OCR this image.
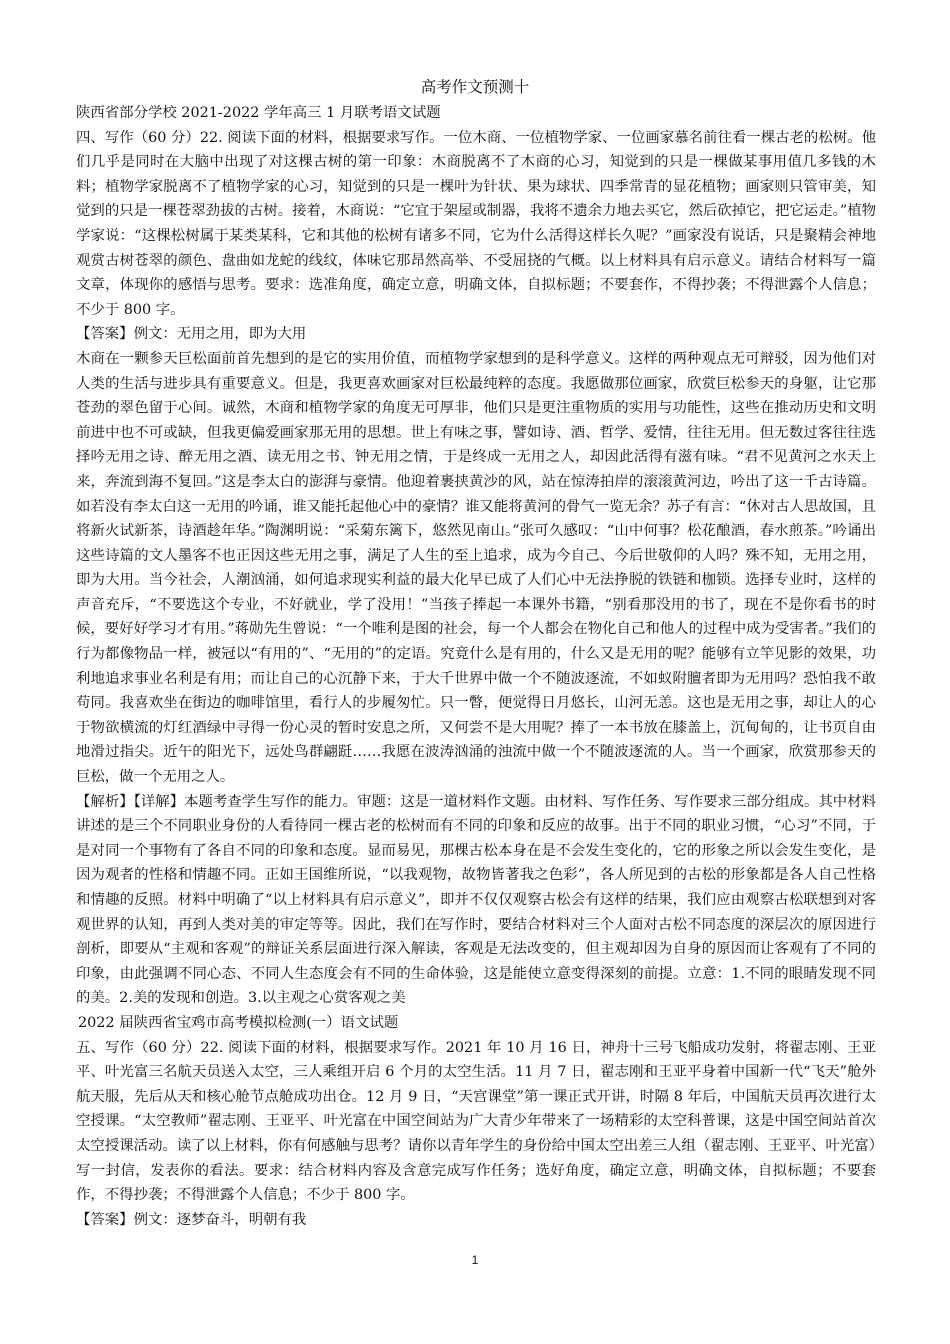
高考作文预测十

陕西省部分学校 2021-2022 学年高三 1 月联考语文试题

四、写作（60 分）22. 阅读下面的材料，根据要求写作。一位木商、一位植物学家、一位画家慕名前往看一棵古老的松树。他们几乎是同时在大脑中出现了对这棵古树的第一印象：木商脱离不了木商的心习，知觉到的只是一棵做某事用值几多钱的木料；植物学家脱离不了植物学家的心习，知觉到的只是一棵叶为针状、果为球状、四季常青的显花植物；画家则只管审美，知觉到的只是一棵苍翠劲拔的古树。接着，木商说：“它宜于架屋或制器，我将不遗余力地去买它，然后砍掉它，把它运走。”植物学家说：“这棵松树属于某类某科，它和其他的松树有诸多不同，它为什么活得这样长久呢？”画家没有说话，只是聚精会神地观赏古树苍翠的颜色、盘曲如龙蛇的线纹，体味它那昂然高举、不受屈挠的气概。以上材料具有启示意义。请结合材料写一篇文章，体现你的感悟与思考。要求：选准角度，确定立意，明确文体，自拟标题；不要套作，不得抄袭；不得泄露个人信息；不少于 800 字。

【答案】例文：无用之用，即为大用

木商在一颗参天巨松面前首先想到的是它的实用价值，而植物学家想到的是科学意义。这样的两种观点无可辩驳，因为他们对人类的生活与进步具有重要意义。但是，我更喜欢画家对巨松最纯粹的态度。我愿做那位画家，欣赏巨松参天的身躯，让它那苍劲的翠色留于心间。诚然，木商和植物学家的角度无可厚非，他们只是更注重物质的实用与功能性，这些在推动历史和文明前进中也不可或缺，但我更偏爱画家那无用的思想。世上有味之事，譬如诗、酒、哲学、爱情，往往无用。但无数过客往往选择吟无用之诗、醉无用之酒、读无用之书、钟无用之情，于是终成一无用之人，却因此活得有滋有味。“君不见黄河之水天上来，奔流到海不复回。”这是李太白的澎湃与豪情。他迎着裹挟黄沙的风，站在惊涛拍岸的滚滚黄河边，吟出了这一千古诗篇。如若没有李太白这一无用的吟诵，谁又能托起他心中的豪情？谁又能将黄河的骨气一览无余？苏子有言：“休对古人思故国，且将新火试新茶，诗酒趁年华。”陶渊明说：“采菊东篱下，悠然见南山。”张可久感叹：“山中何事？松花酿酒，春水煎茶。”吟诵出这些诗篇的文人墨客不也正因这些无用之事，满足了人生的至上追求，成为今自己、今后世敬仰的人吗？殊不知，无用之用，即为大用。当今社会，人潮汹涌，如何追求现实利益的最大化早已成了人们心中无法挣脱的铁链和枷锁。选择专业时，这样的声音充斥，“不要选这个专业，不好就业，学了没用！”当孩子捧起一本课外书籍，“别看那没用的书了，现在不是你看书的时候，要好好学习才有用。”蒋勋先生曾说：“一个唯利是图的社会，每一个人都会在物化自己和他人的过程中成为受害者。”我们的行为都像物品一样，被冠以“有用的”、“无用的”的定语。究竟什么是有用的，什么又是无用的呢？能够有立竿见影的效果，功利地追求事业名利是有用；而让自己的心沉静下来，于大千世界中做一个不随波逐流，不如蚁附膻者即为无用吗？恐怕我不敢苟同。我喜欢坐在街边的咖啡馆里，看行人的步履匆忙。只一瞥，便觉得日月悠长，山河无恙。这也是无用之事，却让人的心于物欲横流的灯红酒绿中寻得一份心灵的暂时安息之所，又何尝不是大用呢？捧了一本书放在膝盖上，沉甸甸的，让书页自由地滑过指尖。近午的阳光下，远处鸟群翩跹……我愿在波涛汹涌的浊流中做一个不随波逐流的人。当一个画家，欣赏那参天的巨松，做一个无用之人。

【解析】【详解】本题考查学生写作的能力。审题：这是一道材料作文题。由材料、写作任务、写作要求三部分组成。其中材料讲述的是三个不同职业身份的人看待同一棵古老的松树而有不同的印象和反应的故事。出于不同的职业习惯，“心习”不同，于是对同一个事物有了各自不同的印象和态度。显而易见，那棵古松本身在是不会发生变化的，它的形象之所以会发生变化，是因为观者的性格和情趣不同。正如王国维所说，“以我观物，故物皆著我之色彩”，各人所见到的古松的形象都是各人自己性格和情趣的反照。材料中明确了“以上材料具有启示意义”，即并不仅仅观察古松会有这样的结果，我们应由观察古松联想到对客观世界的认知，再到人类对美的审定等等。因此，我们在写作时，要结合材料对三个人面对古松不同态度的深层次的原因进行剖析，即要从“主观和客观”的辩证关系层面进行深入解读，客观是无法改变的，但主观却因为自身的原因而让客观有了不同的印象，由此强调不同心态、不同人生态度会有不同的生命体验，这是能使立意变得深刻的前提。立意：1.不同的眼睛发现不同的美。2.美的发现和创造。3.以主观之心赏客观之美

2022 届陕西省宝鸡市高考模拟检测(一）语文试题

五、写作（60 分）22. 阅读下面的材料，根据要求写作。2021 年 10 月 16 日，神舟十三号飞船成功发射，将翟志刚、王亚平、叶光富三名航天员送入太空，三人乘组开启 6 个月的太空生活。11 月 7 日，翟志刚和王亚平身着中国新一代“飞天”舱外航天服，先后从天和核心舱节点舱成功出仓。12 月 9 日，“天宫课堂”第一课正式开讲，时隔 8 年后，中国航天员再次进行太空授课。“太空教师”翟志刚、王亚平、叶光富在中国空间站为广大青少年带来了一场精彩的太空科普课，这是中国空间站首次太空授课活动。读了以上材料，你有何感触与思考？请你以青年学生的身份给中国太空出差三人组（翟志刚、王亚平、叶光富）写一封信，发表你的看法。要求：结合材料内容及含意完成写作任务；选好角度，确定立意，明确文体，自拟标题；不要套作，不得抄袭；不得泄露个人信息；不少于 800 字。

【答案】例文：逐梦奋斗，明朝有我

1
